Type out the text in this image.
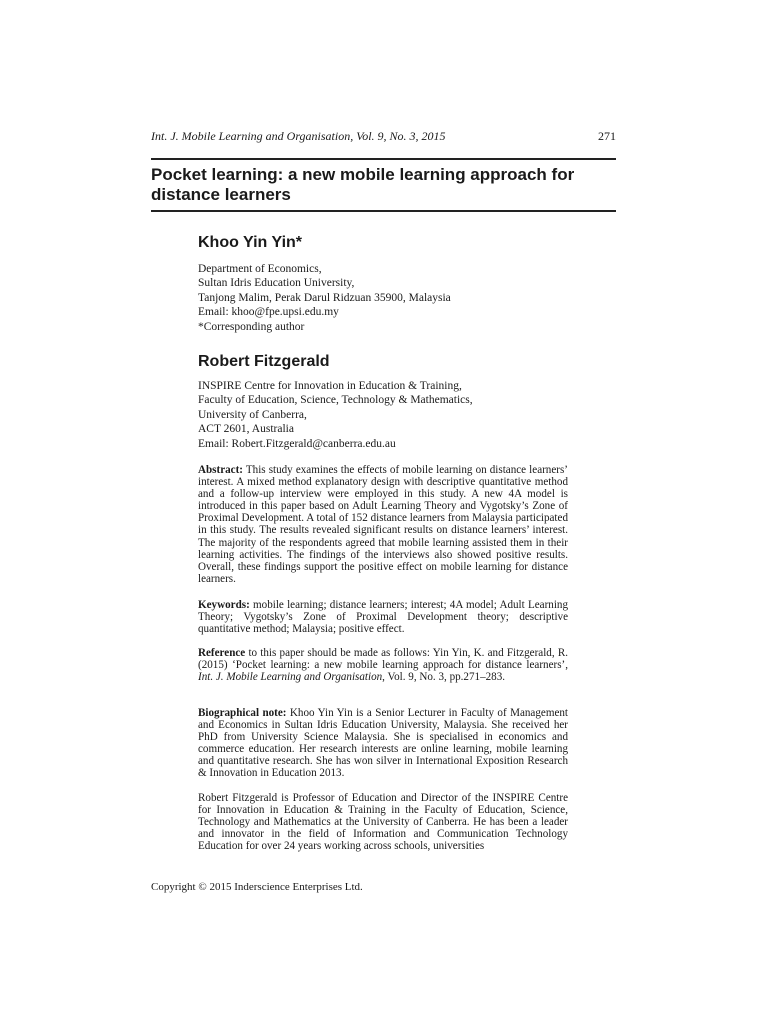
Int. J. Mobile Learning and Organisation, Vol. 9, No. 3, 2015	271
Pocket learning: a new mobile learning approach for distance learners
Khoo Yin Yin*
Department of Economics,
Sultan Idris Education University,
Tanjong Malim, Perak Darul Ridzuan 35900, Malaysia
Email: khoo@fpe.upsi.edu.my
*Corresponding author
Robert Fitzgerald
INSPIRE Centre for Innovation in Education & Training,
Faculty of Education, Science, Technology & Mathematics,
University of Canberra,
ACT 2601, Australia
Email: Robert.Fitzgerald@canberra.edu.au

Abstract: This study examines the effects of mobile learning on distance learners’ interest. A mixed method explanatory design with descriptive quantitative method and a follow-up interview were employed in this study. A new 4A model is introduced in this paper based on Adult Learning Theory and Vygotsky’s Zone of Proximal Development. A total of 152 distance learners from Malaysia participated in this study. The results revealed significant results on distance learners’ interest. The majority of the respondents agreed that mobile learning assisted them in their learning activities. The findings of the interviews also showed positive results. Overall, these findings support the positive effect on mobile learning for distance learners.

Keywords: mobile learning; distance learners; interest; 4A model; Adult Learning Theory; Vygotsky’s Zone of Proximal Development theory; descriptive quantitative method; Malaysia; positive effect.

Reference to this paper should be made as follows: Yin Yin, K. and Fitzgerald, R. (2015) ‘Pocket learning: a new mobile learning approach for distance learners’, Int. J. Mobile Learning and Organisation, Vol. 9, No. 3, pp.271–283.

Biographical note: Khoo Yin Yin is a Senior Lecturer in Faculty of Management and Economics in Sultan Idris Education University, Malaysia. She received her PhD from University Science Malaysia. She is specialised in economics and commerce education. Her research interests are online learning, mobile learning and quantitative research. She has won silver in International Exposition Research & Innovation in Education 2013.

Robert Fitzgerald is Professor of Education and Director of the INSPIRE Centre for Innovation in Education & Training in the Faculty of Education, Science, Technology and Mathematics at the University of Canberra. He has been a leader and innovator in the field of Information and Communication Technology Education for over 24 years working across schools, universities

Copyright © 2015 Inderscience Enterprises Ltd.
